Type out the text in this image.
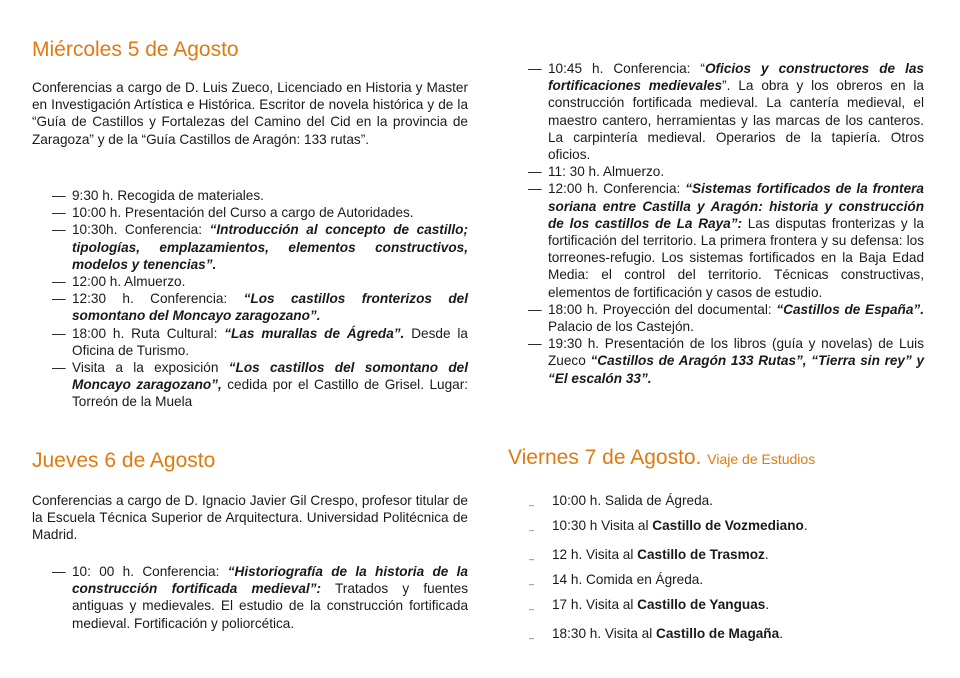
Miércoles 5 de Agosto

Conferencias a cargo de D. Luis Zueco, Licenciado en Historia y Master en Investigación Artística e Histórica. Escritor de novela histórica y de la “Guía de Castillos y Fortalezas del Camino del Cid en la provincia de Zaragoza” y de la “Guía Castillos de Aragón: 133 rutas”.

— 9:30 h. Recogida de materiales.
— 10:00 h. Presentación del Curso a cargo de Autoridades.
— 10:30h. Conferencia: “Introducción al concepto de castillo; tipologías, emplazamientos, elementos constructivos, modelos y tenencias”.
— 12:00 h. Almuerzo.
— 12:30 h. Conferencia: “Los castillos fronterizos del somontano del Moncayo zaragozano”.
— 18:00 h. Ruta Cultural: “Las murallas de Ágreda”. Desde la Oficina de Turismo.
— Visita a la exposición “Los castillos del somontano del Moncayo zaragozano”, cedida por el Castillo de Grisel. Lugar: Torreón de la Muela
Jueves 6 de Agosto

Conferencias a cargo de D. Ignacio Javier Gil Crespo, profesor titular de la Escuela Técnica Superior de Arquitectura. Universidad Politécnica de Madrid.

— 10: 00 h. Conferencia: “Historiografía de la historia de la construcción fortificada medieval”: Tratados y fuentes antiguas y medievales. El estudio de la construcción fortificada medieval. Fortificación y poliorcética.
— 10:45 h. Conferencia: “Oficios y constructores de las fortificaciones medievales”. La obra y los obreros en la construcción fortificada medieval. La cantería medieval, el maestro cantero, herramientas y las marcas de los canteros. La carpintería medieval. Operarios de la tapiería. Otros oficios.
— 11: 30 h. Almuerzo.
— 12:00 h. Conferencia: “Sistemas fortificados de la frontera soriana entre Castilla y Aragón: historia y construcción de los castillos de La Raya”: Las disputas fronterizas y la fortificación del territorio. La primera frontera y su defensa: los torreones-refugio. Los sistemas fortificados en la Baja Edad Media: el control del territorio. Técnicas constructivas, elementos de fortificación y casos de estudio.
— 18:00 h. Proyección del documental: “Castillos de España”. Palacio de los Castejón.
— 19:30 h. Presentación de los libros (guía y novelas) de Luis Zueco “Castillos de Aragón 133 Rutas”, “Tierra sin rey” y “El escalón 33”.
Viernes 7 de Agosto. Viaje de Estudios
– 10:00 h. Salida de Ágreda.
– 10:30 h Visita al Castillo de Vozmediano.
– 12 h. Visita al Castillo de Trasmoz.
– 14 h. Comida en Ágreda.
– 17 h. Visita al Castillo de Yanguas.
– 18:30 h. Visita al Castillo de Magaña.
